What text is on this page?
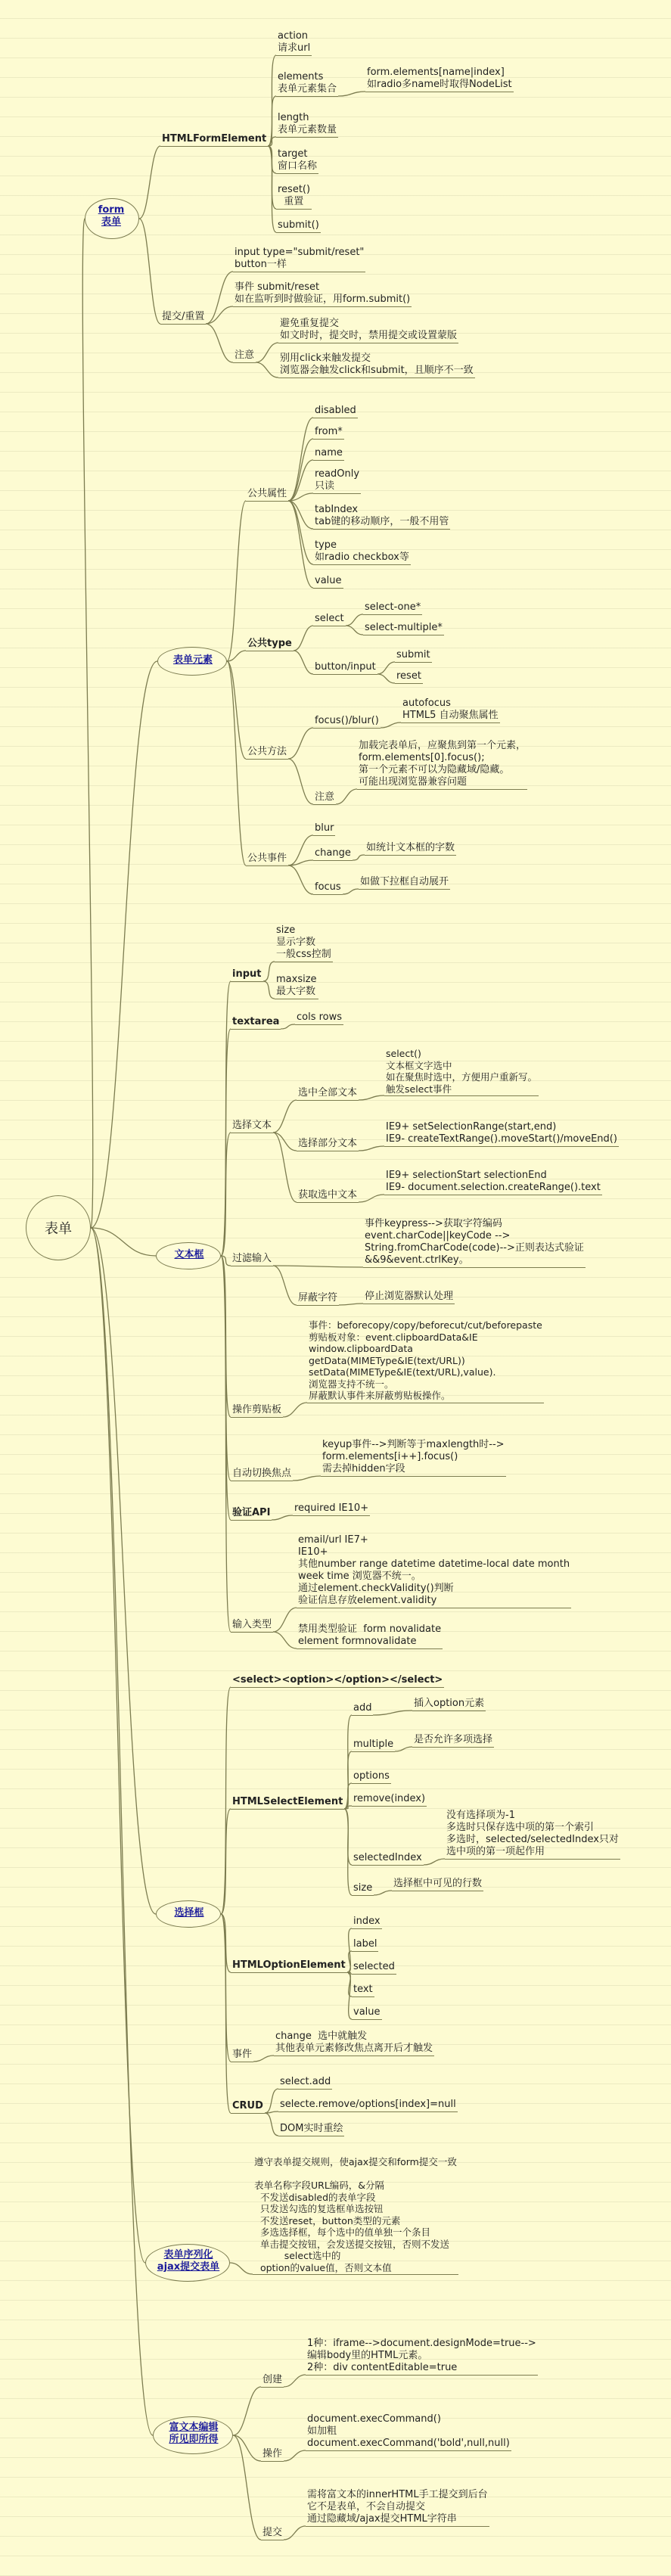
表单
form
表单
HTMLFormElement
action
请求url
elements
表单元素集合
form.elements[name|index]
如radio多name时取得NodeList
length
表单元素数量
target
窗口名称
reset()
重置
submit()
提交/重置
input type="submit/reset"
button一样
事件 submit/reset
如在监听到时做验证，用form.submit()
注意
避免重复提交
如文时时，提交时，禁用提交或设置蒙版
别用click来触发提交
浏览器会触发click和submit，且顺序不一致
表单元素
公共属性
disabled
from*
name
readOnly
只读
tabIndex
tab键的移动顺序，一般不用管
type
如radio checkbox等
value
公共type
select
select-one*
select-multiple*
button/input
submit
reset
公共方法
focus()/blur()
autofocus
HTML5 自动聚焦属性
注意
加载完表单后，应聚焦到第一个元素，
form.elements[0].focus();
第一个元素不可以为隐藏域/隐藏。
可能出现浏览器兼容问题
公共事件
blur
change 如统计文本框的字数
focus 如做下拉框自动展开
文本框
input
size
显示字数
一般css控制
maxsize
最大字数
textarea cols rows
选择文本
选中全部文本
select()
文本框文字选中
如在聚焦时选中，方便用户重新写。
触发select事件
选择部分文本
IE9+ setSelectionRange(start,end)
IE9- createTextRange().moveStart()/moveEnd()
获取选中文本
IE9+ selectionStart selectionEnd
IE9- document.selection.createRange().text
过滤输入
事件keypress-->获取字符编码
event.charCode||keyCode -->
String.fromCharCode(code)-->正则表达式验证
&&9&event.ctrlKey。
屏蔽字符	停止浏览器默认处理
操作剪贴板
事件：beforecopy/copy/beforecut/cut/beforepaste
剪贴板对象：event.clipboardData&IE
window.clipboardData
getData(MIMEType&IE(text/URL))
setData(MIMEType&IE(text/URL),value).
浏览器支持不统一。
屏蔽默认事件来屏蔽剪贴板操作。
自动切换焦点
keyup事件-->判断等于maxlength时-->
form.elements[i++].focus()
需去掉hidden字段
验证API required IE10+
输入类型
email/url IE7+
IE10+
其他number range datetime datetime-local date month
week time 浏览器不统一。
通过element.checkValidity()判断
验证信息存放element.validity
禁用类型验证  form novalidate
element formnovalidate
选择框
<select><option></option></select>
HTMLSelectElement
add	插入option元素
multiple 是否允许多项选择
options
remove(index)
selectedIndex
没有选择项为-1
多选时只保存选中项的第一个索引
多选时，selected/selectedIndex只对
选中项的第一项起作用
size 选择框中可见的行数
HTMLOptionElement
index
label
selected
text
value
事件
change  选中就触发
其他表单元素修改焦点离开后才触发
CRUD
select.add
selecte.remove/options[index]=null
DOM实时重绘
表单序列化
ajax提交表单
遵守表单提交规则，使ajax提交和form提交一致

表单名称字段URL编码，&分隔
不发送disabled的表单字段
只发送勾选的复选框单选按钮
不发送reset，button类型的元素
多选选择框，每个选中的值单独一个条目
单击提交按钮，会发送提交按钮，否则不发送
select选中的
option的value值，否则文本值
富文本编辑
所见即所得
创建
1种：iframe-->document.designMode=true-->
编辑body里的HTML元素。
2种：div contentEditable=true
操作
document.execCommand()
如加粗
document.execCommand('bold',null,null)
提交
需将富文本的innerHTML手工提交到后台
它不是表单，不会自动提交
通过隐藏域/ajax提交HTML字符串
